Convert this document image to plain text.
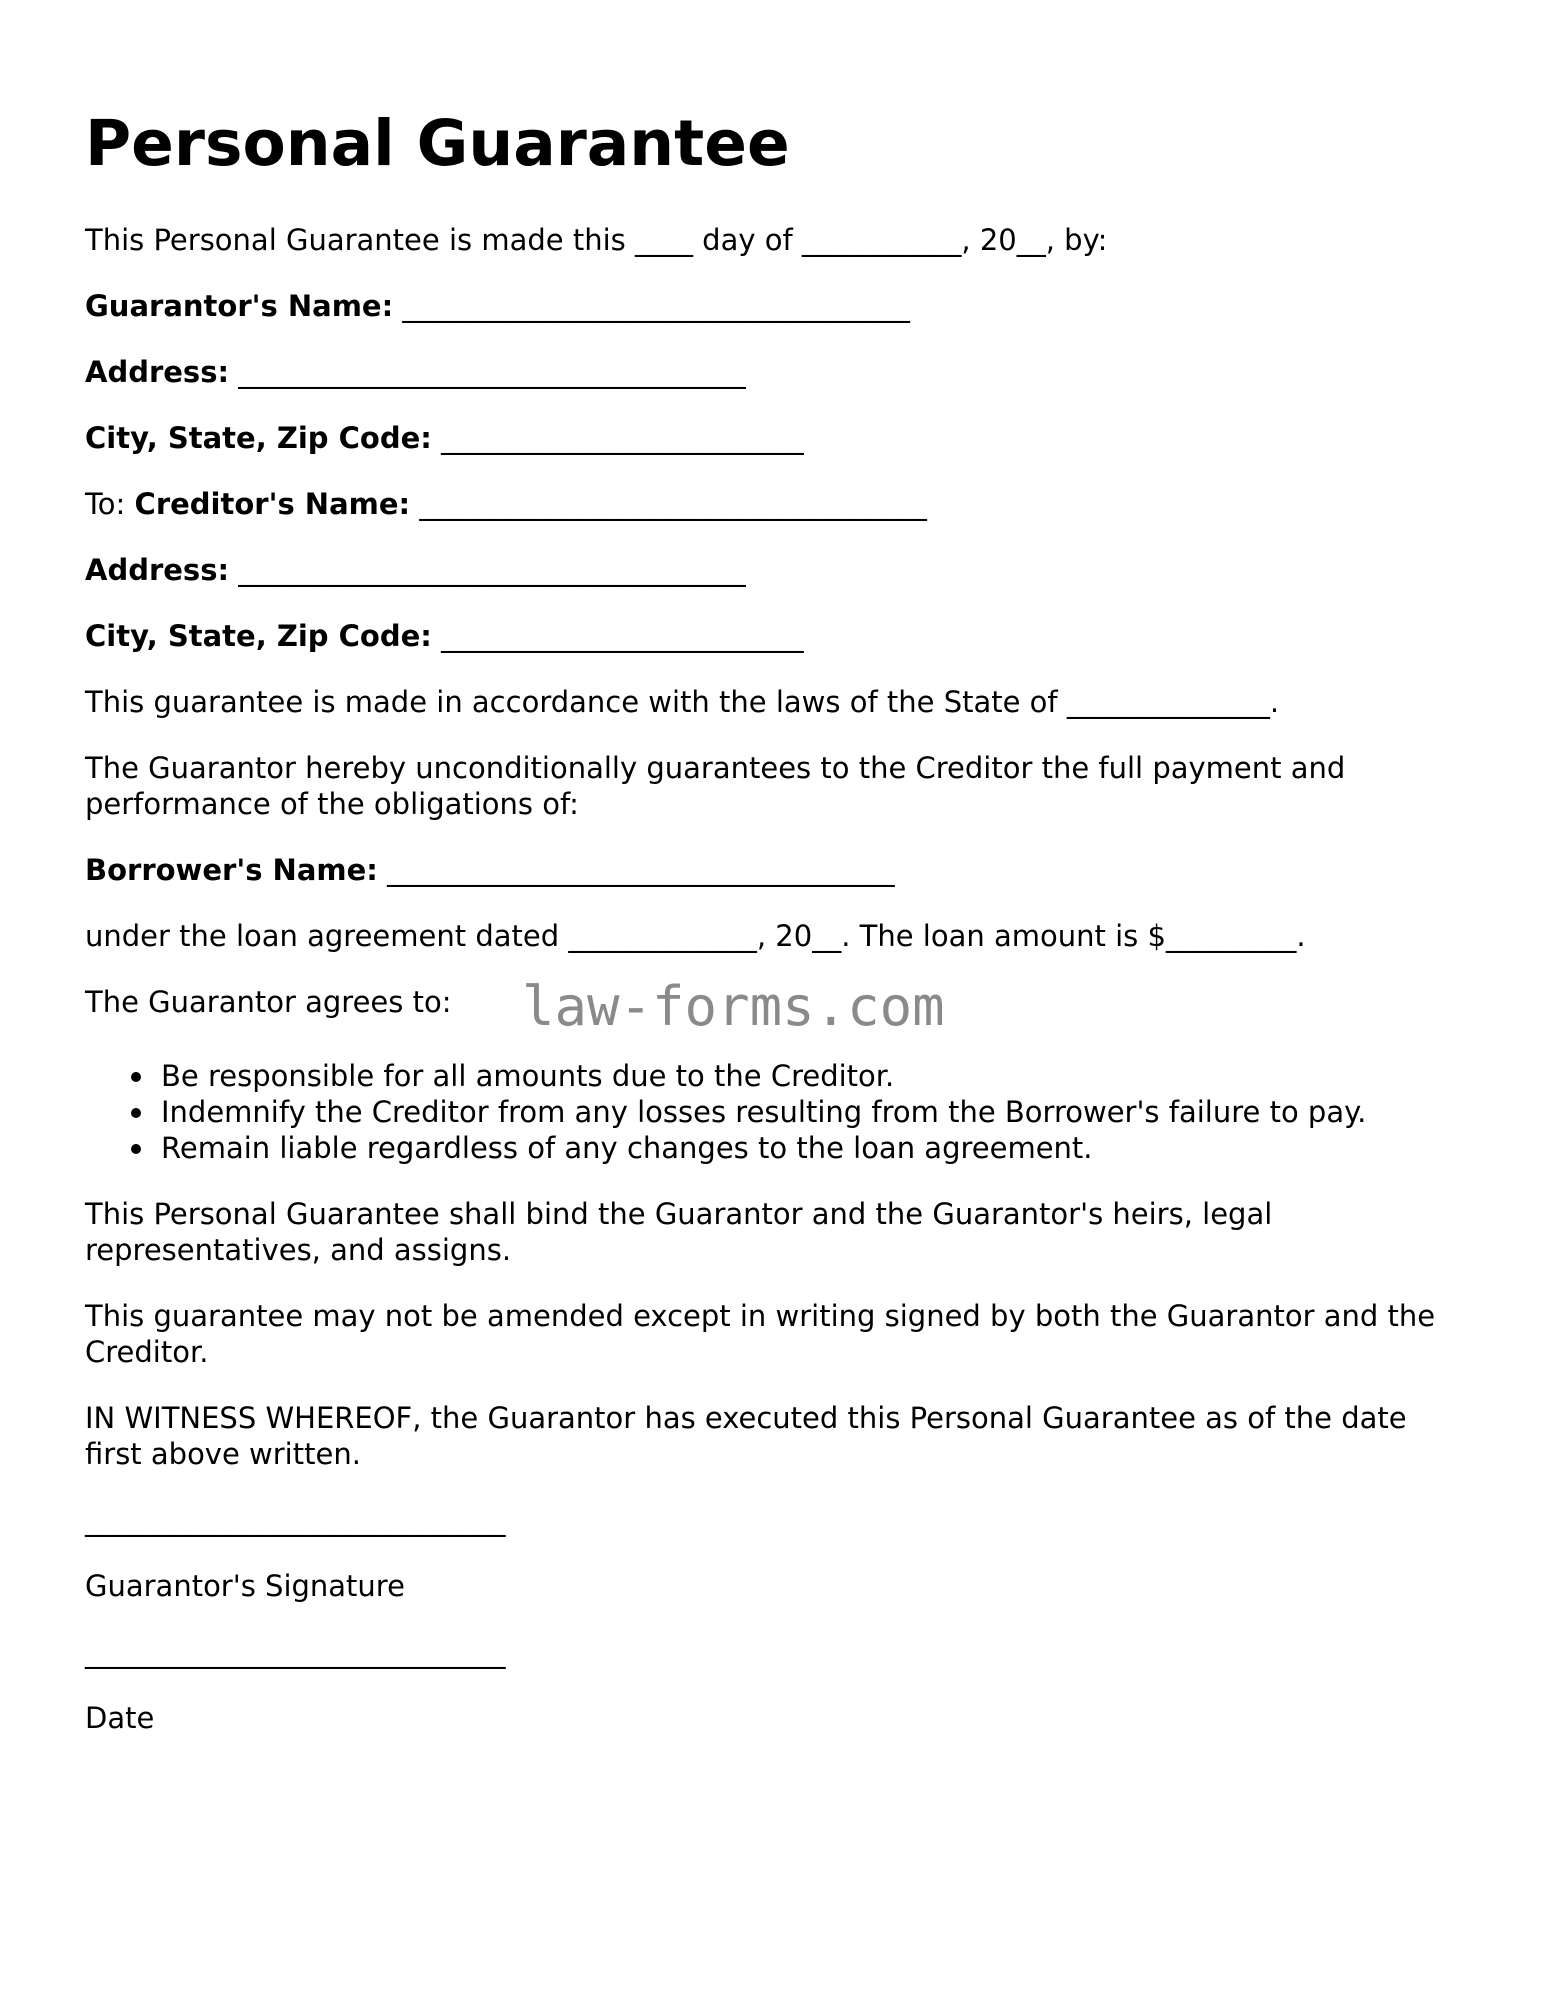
Personal Guarantee

This Personal Guarantee is made this ____ day of ___________, 20__, by:

Guarantor's Name: ___________________________________

Address: ___________________________________

City, State, Zip Code: _________________________

To: Creditor's Name: ___________________________________

Address: ___________________________________

City, State, Zip Code: _________________________

This guarantee is made in accordance with the laws of the State of ______________.

The Guarantor hereby unconditionally guarantees to the Creditor the full payment and performance of the obligations of:

Borrower's Name: ___________________________________

under the loan agreement dated _____________, 20__. The loan amount is $_________.

The Guarantor agrees to: law-forms.com
Be responsible for all amounts due to the Creditor.
Indemnify the Creditor from any losses resulting from the Borrower's failure to pay.
Remain liable regardless of any changes to the loan agreement.

This Personal Guarantee shall bind the Guarantor and the Guarantor's heirs, legal representatives, and assigns.

This guarantee may not be amended except in writing signed by both the Guarantor and the Creditor.

IN WITNESS WHEREOF, the Guarantor has executed this Personal Guarantee as of the date first above written.

_____________________________

Guarantor's Signature

_____________________________

Date
